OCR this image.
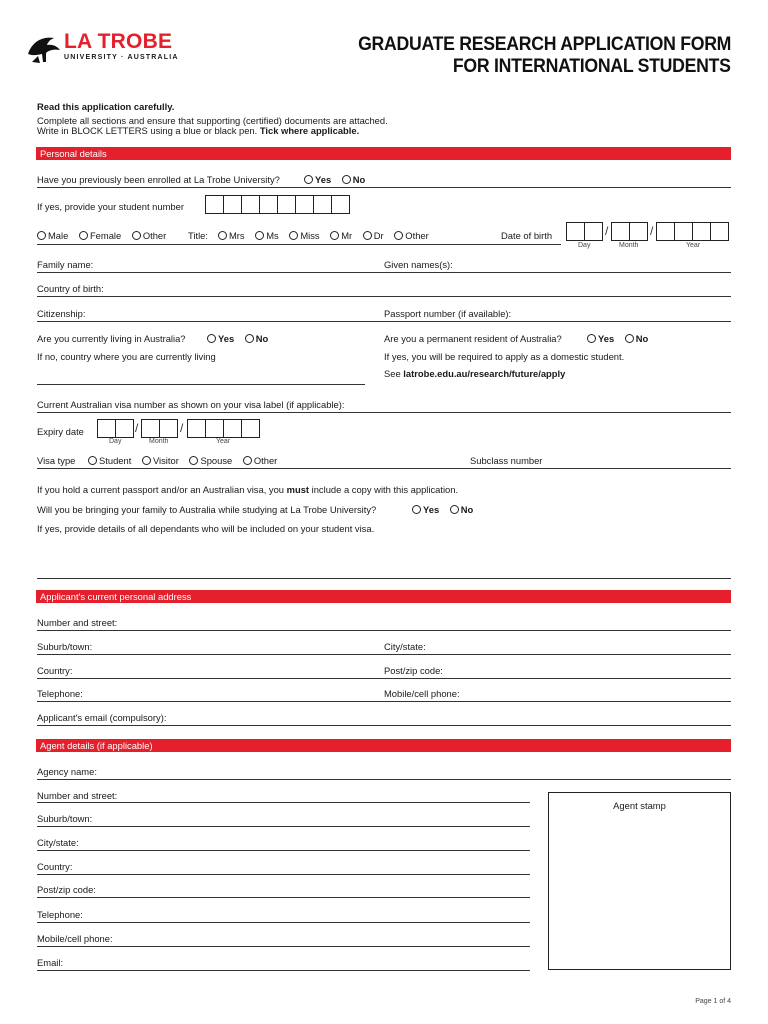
LA TROBE
UNIVERSITY · AUSTRALIA
GRADUATE RESEARCH APPLICATION FORM
FOR INTERNATIONAL STUDENTS
Read this application carefully.
Complete all sections and ensure that supporting (certified) documents are attached.
Write in BLOCK LETTERS using a blue or black pen. Tick where applicable.
Personal details
Have you previously been enrolled at La Trobe University?	Yes No
If yes, provide your student number
Male Female Other	Title:	Mrs Ms Miss Mr Dr Other	Date of birth	/	/
Day	Month	Year
Family name:	Given names(s):
Country of birth:
Citizenship:	Passport number (if available):
Are you currently living in Australia?	Yes No	Are you a permanent resident of Australia?	Yes No
If no, country where you are currently living	If yes, you will be required to apply as a domestic student.
See latrobe.edu.au/research/future/apply
Current Australian visa number as shown on your visa label (if applicable):
Expiry date	/	/
Day	Month	Year
Visa type	Student Visitor Spouse Other	Subclass number
If you hold a current passport and/or an Australian visa, you must include a copy with this application.
Will you be bringing your family to Australia while studying at La Trobe University?	Yes No
If yes, provide details of all dependants who will be included on your student visa.
Applicant's current personal address
Number and street:
Suburb/town:	City/state:
Country:	Post/zip code:
Telephone:	Mobile/cell phone:
Applicant's email (compulsory):
Agent details (if applicable)
Agency name:
Number and street:
Suburb/town:
City/state:
Country:
Post/zip code:
Telephone:
Mobile/cell phone:
Email:
Agent stamp
Page 1 of 4
